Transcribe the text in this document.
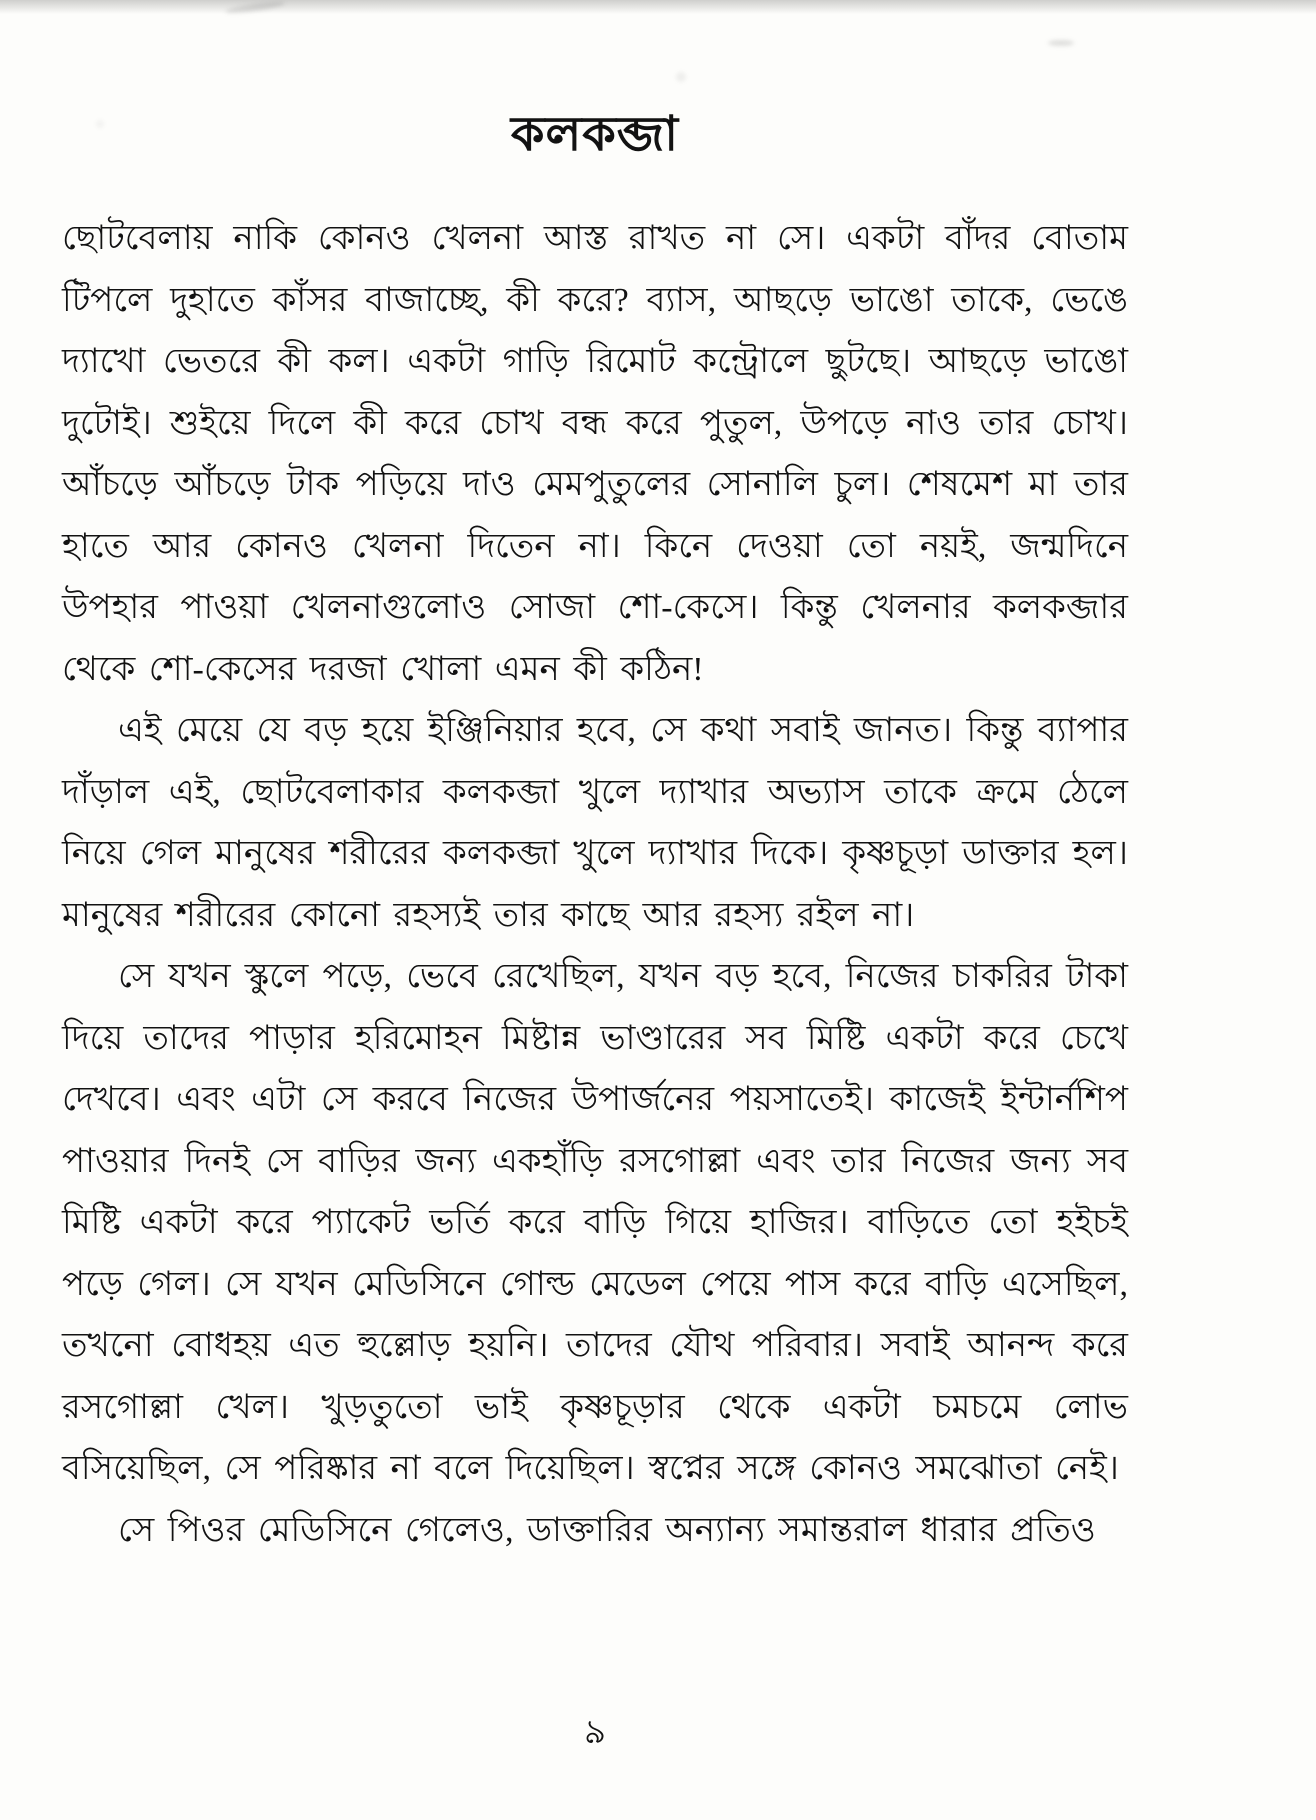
কলকব্জা

ছোটবেলায় নাকি কোনও খেলনা আস্ত রাখত না সে। একটা বাঁদর বোতাম টিপলে দুহাতে কাঁসর বাজাচ্ছে, কী করে? ব্যাস, আছড়ে ভাঙো তাকে, ভেঙে দ্যাখো ভেতরে কী কল। একটা গাড়ি রিমোট কন্ট্রোলে ছুটছে। আছড়ে ভাঙো দুটোই। শুইয়ে দিলে কী করে চোখ বন্ধ করে পুতুল, উপড়ে নাও তার চোখ। আঁচড়ে আঁচড়ে টাক পড়িয়ে দাও মেমপুতুলের সোনালি চুল। শেষমেশ মা তার হাতে আর কোনও খেলনা দিতেন না। কিনে দেওয়া তো নয়ই, জন্মদিনে উপহার পাওয়া খেলনাগুলোও সোজা শো-কেসে। কিন্তু খেলনার কলকব্জার থেকে শো-কেসের দরজা খোলা এমন কী কঠিন!

এই মেয়ে যে বড় হয়ে ইঞ্জিনিয়ার হবে, সে কথা সবাই জানত। কিন্তু ব্যাপার দাঁড়াল এই, ছোটবেলাকার কলকব্জা খুলে দ্যাখার অভ্যাস তাকে ক্রমে ঠেলে নিয়ে গেল মানুষের শরীরের কলকব্জা খুলে দ্যাখার দিকে। কৃষ্ণচূড়া ডাক্তার হল। মানুষের শরীরের কোনো রহস্যই তার কাছে আর রহস্য রইল না।

সে যখন স্কুলে পড়ে, ভেবে রেখেছিল, যখন বড় হবে, নিজের চাকরির টাকা দিয়ে তাদের পাড়ার হরিমোহন মিষ্টান্ন ভাণ্ডারের সব মিষ্টি একটা করে চেখে দেখবে। এবং এটা সে করবে নিজের উপার্জনের পয়সাতেই। কাজেই ইন্টার্নশিপ পাওয়ার দিনই সে বাড়ির জন্য একহাঁড়ি রসগোল্লা এবং তার নিজের জন্য সব মিষ্টি একটা করে প্যাকেট ভর্তি করে বাড়ি গিয়ে হাজির। বাড়িতে তো হইচই পড়ে গেল। সে যখন মেডিসিনে গোল্ড মেডেল পেয়ে পাস করে বাড়ি এসেছিল, তখনো বোধহয় এত হুল্লোড় হয়নি। তাদের যৌথ পরিবার। সবাই আনন্দ করে রসগোল্লা খেল। খুড়তুতো ভাই কৃষ্ণচূড়ার থেকে একটা চমচমে লোভ বসিয়েছিল, সে পরিষ্কার না বলে দিয়েছিল। স্বপ্নের সঙ্গে কোনও সমঝোতা নেই।

সে পিওর মেডিসিনে গেলেও, ডাক্তারির অন্যান্য সমান্তরাল ধারার প্রতিও

৯
